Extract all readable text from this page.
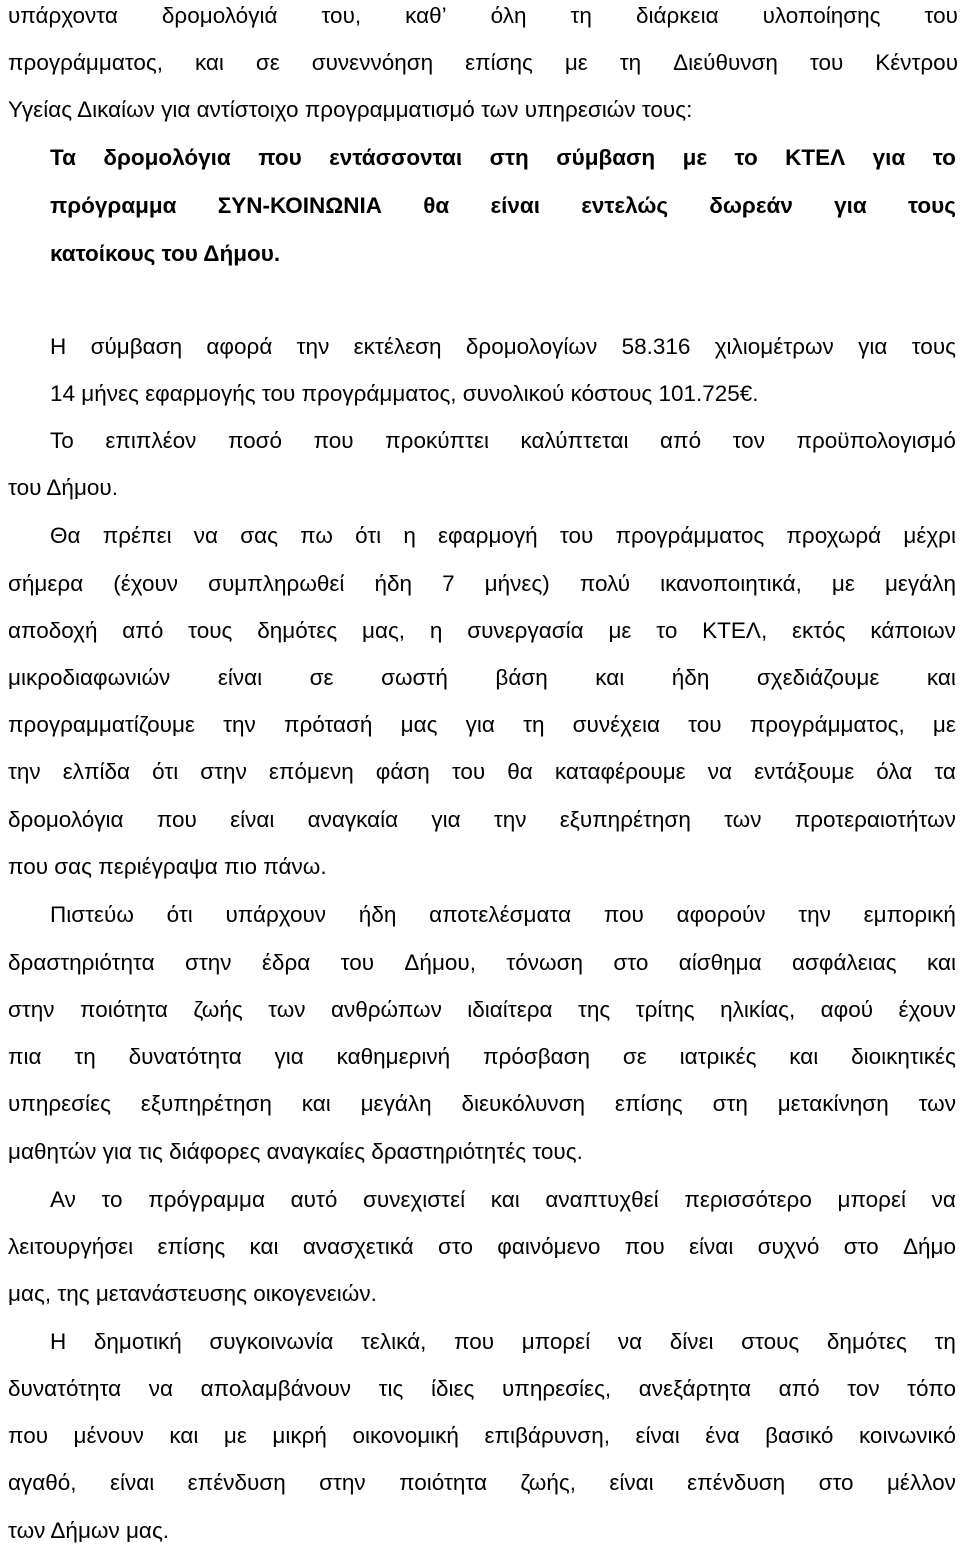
υπάρχοντα δρομολόγιά του, καθ’ όλη τη διάρκεια υλοποίησης του
προγράμματος, και σε συνεννόηση επίσης με τη Διεύθυνση του Κέντρου
Υγείας Δικαίων για αντίστοιχο προγραμματισμό των υπηρεσιών τους:
Τα δρομολόγια που εντάσσονται στη σύμβαση με το ΚΤΕΛ για το
πρόγραμμα ΣΥΝ-ΚΟΙΝΩΝΙΑ θα είναι εντελώς δωρεάν για τους
κατοίκους του Δήμου.
Η σύμβαση αφορά την εκτέλεση δρομολογίων 58.316 χιλιομέτρων για τους
14 μήνες εφαρμογής του προγράμματος, συνολικού κόστους 101.725€.
Το επιπλέον ποσό που προκύπτει καλύπτεται από τον προϋπολογισμό
του Δήμου.
Θα πρέπει να σας πω ότι η εφαρμογή του προγράμματος προχωρά μέχρι
σήμερα (έχουν συμπληρωθεί ήδη 7 μήνες) πολύ ικανοποιητικά, με μεγάλη
αποδοχή από τους δημότες μας, η συνεργασία με το ΚΤΕΛ, εκτός κάποιων
μικροδιαφωνιών είναι σε σωστή βάση και ήδη σχεδιάζουμε και
προγραμματίζουμε την πρότασή μας για τη συνέχεια του προγράμματος, με
την ελπίδα ότι στην επόμενη φάση του θα καταφέρουμε να εντάξουμε όλα τα
δρομολόγια που είναι αναγκαία για την εξυπηρέτηση των προτεραιοτήτων
που σας περιέγραψα πιο πάνω.
Πιστεύω ότι υπάρχουν ήδη αποτελέσματα που αφορούν την εμπορική
δραστηριότητα στην έδρα του Δήμου, τόνωση στο αίσθημα ασφάλειας και
στην ποιότητα ζωής των ανθρώπων ιδιαίτερα της τρίτης ηλικίας, αφού έχουν
πια τη δυνατότητα για καθημερινή πρόσβαση σε ιατρικές και διοικητικές
υπηρεσίες εξυπηρέτηση και μεγάλη διευκόλυνση επίσης στη μετακίνηση των
μαθητών για τις διάφορες αναγκαίες δραστηριότητές τους.
Αν το πρόγραμμα αυτό συνεχιστεί και αναπτυχθεί περισσότερο μπορεί να
λειτουργήσει επίσης και ανασχετικά στο φαινόμενο που είναι συχνό στο Δήμο
μας, της μετανάστευσης οικογενειών.
Η δημοτική συγκοινωνία τελικά, που μπορεί να δίνει στους δημότες τη
δυνατότητα να απολαμβάνουν τις ίδιες υπηρεσίες, ανεξάρτητα από τον τόπο
που μένουν και με μικρή οικονομική επιβάρυνση, είναι ένα βασικό κοινωνικό
αγαθό, είναι επένδυση στην ποιότητα ζωής, είναι επένδυση στο μέλλον
των Δήμων μας.
